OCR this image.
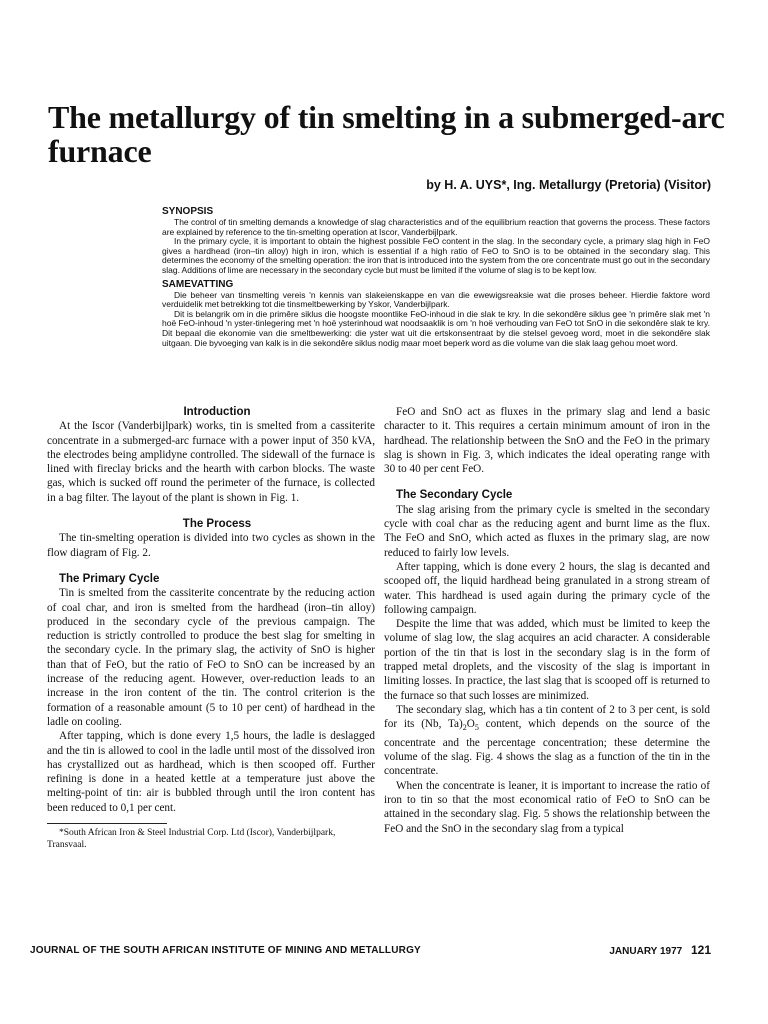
The metallurgy of tin smelting in a submerged-arc furnace
by H. A. UYS*, Ing. Metallurgy (Pretoria) (Visitor)

SYNOPSIS

The control of tin smelting demands a knowledge of slag characteristics and of the equilibrium reaction that governs the process. These factors are explained by reference to the tin-smelting operation at Iscor, Vanderbijlpark.

In the primary cycle, it is important to obtain the highest possible FeO content in the slag. In the secondary cycle, a primary slag high in FeO gives a hardhead (iron–tin alloy) high in iron, which is essential if a high ratio of FeO to SnO is to be obtained in the secondary slag. This determines the economy of the smelting operation: the iron that is introduced into the system from the ore concentrate must go out in the secondary slag. Additions of lime are necessary in the secondary cycle but must be limited if the volume of slag is to be kept low.

SAMEVATTING

Die beheer van tinsmelting vereis 'n kennis van slakeienskappe en van die ewewigsreaksie wat die proses beheer. Hierdie faktore word verduidelik met betrekking tot die tinsmeltbewerking by Yskor, Vanderbijlpark.

Dit is belangrik om in die primêre siklus die hoogste moontlike FeO-inhoud in die slak te kry. In die sekondêre siklus gee 'n primêre slak met 'n hoë FeO-inhoud 'n yster-tinlegering met 'n hoë ysterinhoud wat noodsaaklik is om 'n hoë verhouding van FeO tot SnO in die sekondêre slak te kry. Dit bepaal die ekonomie van die smeltbewerking: die yster wat uit die ertskonsentraat by die stelsel gevoeg word, moet in die sekondêre slak uitgaan. Die byvoeging van kalk is in die sekondêre siklus nodig maar moet beperk word as die volume van die slak laag gehou moet word.

Introduction

At the Iscor (Vanderbijlpark) works, tin is smelted from a cassiterite concentrate in a submerged-arc furnace with a power input of 350 kVA, the electrodes being amplidyne controlled. The sidewall of the furnace is lined with fireclay bricks and the hearth with carbon blocks. The waste gas, which is sucked off round the perimeter of the furnace, is collected in a bag filter. The layout of the plant is shown in Fig. 1.

The Process

The tin-smelting operation is divided into two cycles as shown in the flow diagram of Fig. 2.

The Primary Cycle

Tin is smelted from the cassiterite concentrate by the reducing action of coal char, and iron is smelted from the hardhead (iron–tin alloy) produced in the secondary cycle of the previous campaign. The reduction is strictly controlled to produce the best slag for smelting in the secondary cycle. In the primary slag, the activity of SnO is higher than that of FeO, but the ratio of FeO to SnO can be increased by an increase of the reducing agent. However, over-reduction leads to an increase in the iron content of the tin. The control criterion is the formation of a reasonable amount (5 to 10 per cent) of hardhead in the ladle on cooling.

After tapping, which is done every 1,5 hours, the ladle is deslagged and the tin is allowed to cool in the ladle until most of the dissolved iron has crystallized out as hardhead, which is then scooped off. Further refining is done in a heated kettle at a temperature just above the melting-point of tin: air is bubbled through until the iron content has been reduced to 0,1 per cent.

*South African Iron & Steel Industrial Corp. Ltd (Iscor), Vanderbijlpark, Transvaal.

FeO and SnO act as fluxes in the primary slag and lend a basic character to it. This requires a certain minimum amount of iron in the hardhead. The relationship between the SnO and the FeO in the primary slag is shown in Fig. 3, which indicates the ideal operating range with 30 to 40 per cent FeO.

The Secondary Cycle

The slag arising from the primary cycle is smelted in the secondary cycle with coal char as the reducing agent and burnt lime as the flux. The FeO and SnO, which acted as fluxes in the primary slag, are now reduced to fairly low levels.

After tapping, which is done every 2 hours, the slag is decanted and scooped off, the liquid hardhead being granulated in a strong stream of water. This hardhead is used again during the primary cycle of the following campaign.

Despite the lime that was added, which must be limited to keep the volume of slag low, the slag acquires an acid character. A considerable portion of the tin that is lost in the secondary slag is in the form of trapped metal droplets, and the viscosity of the slag is important in limiting losses. In practice, the last slag that is scooped off is returned to the furnace so that such losses are minimized.

The secondary slag, which has a tin content of 2 to 3 per cent, is sold for its (Nb, $Ta)_2O_5$ content, which depends on the source of the concentrate and the percentage concentration; these determine the volume of the slag. Fig. 4 shows the slag as a function of the tin in the concentrate.

When the concentrate is leaner, it is important to increase the ratio of iron to tin so that the most economical ratio of FeO to SnO can be attained in the secondary slag. Fig. 5 shows the relationship between the FeO and the SnO in the secondary slag from a typical

JOURNAL OF THE SOUTH AFRICAN INSTITUTE OF MINING AND METALLURGY	JANUARY 1977 121
